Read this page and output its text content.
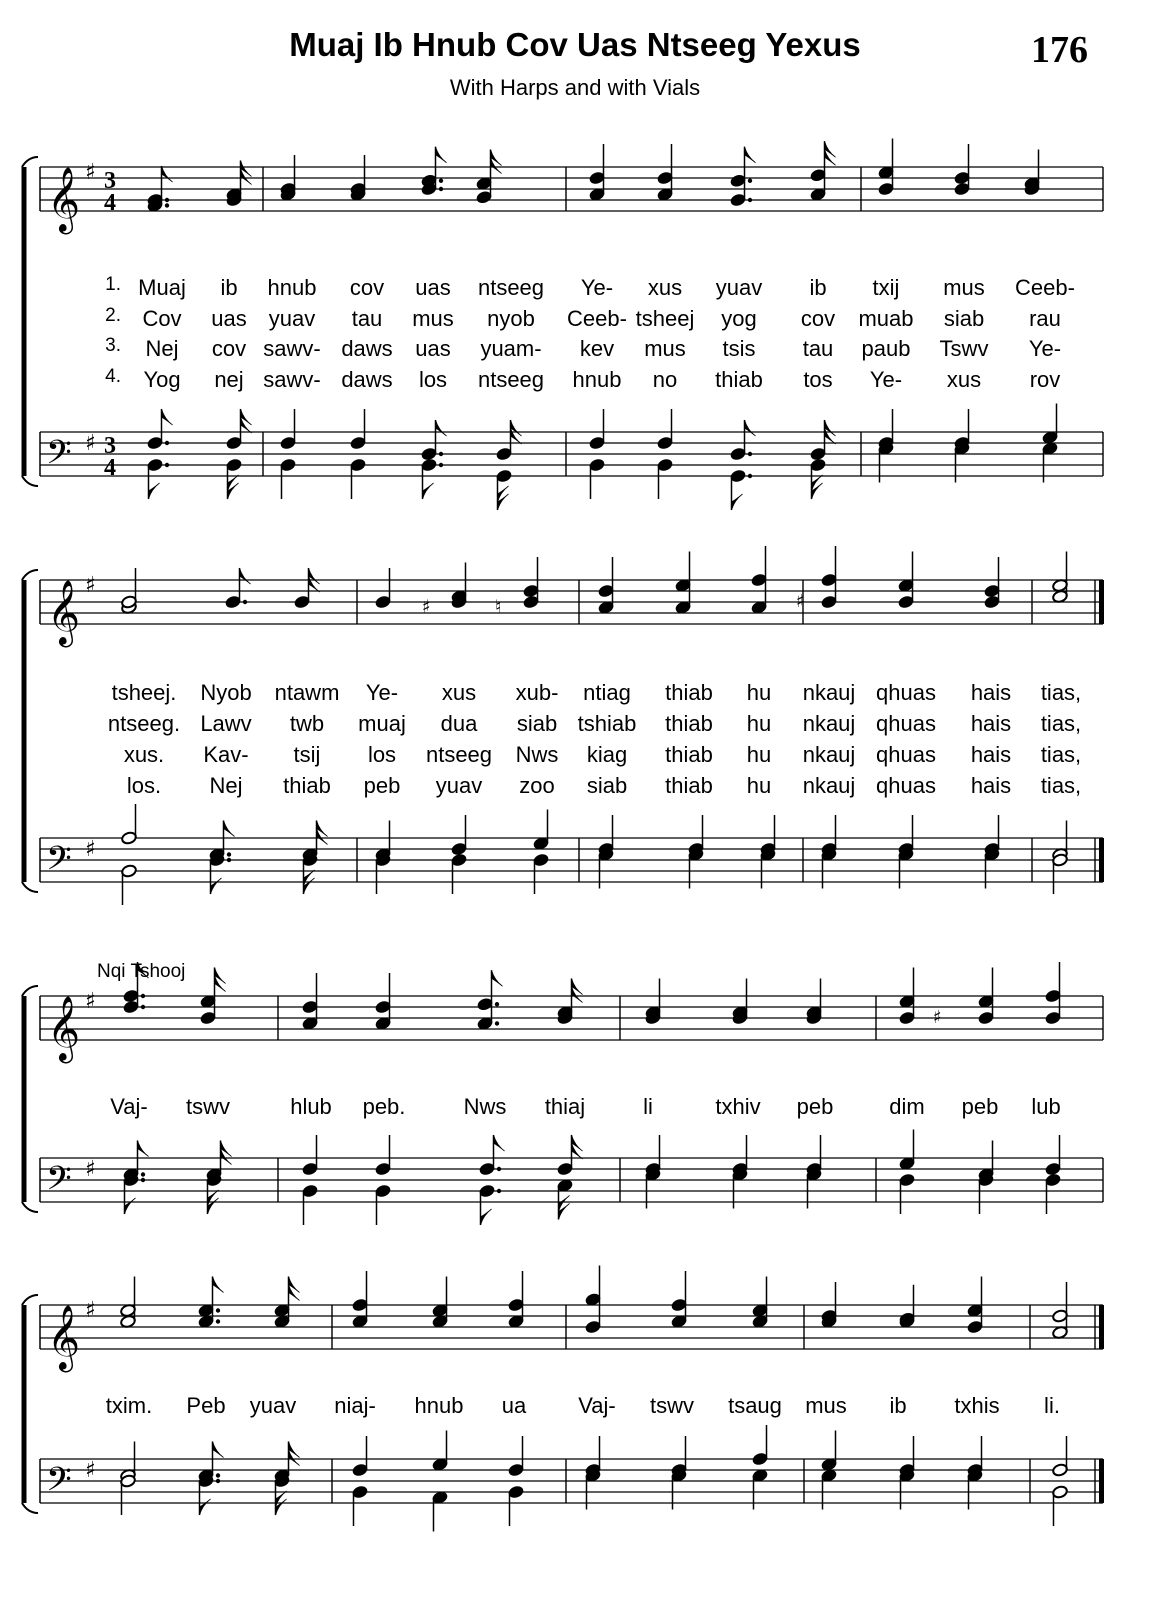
Muaj Ib Hnub Cov Uas Ntseeg Yexus
With Harps and with Vials
176
𝄞 ♯ 3
4
𝄢 ♯ 3
4
𝄞 ♯
𝄢 ♯
𝄞 ♯
𝄢 ♯
𝄞 ♯
𝄢 ♯
♯	♮	♯
♯
Nqi Tshooj
1. Muaj ib hnub cov uas ntseeg Ye- xus yuav ib txij mus Ceeb-
2. Cov uas yuav tau mus nyob Ceeb- tsheej yog cov muab siab rau
3. Nej cov sawv- daws uas yuam- kev mus tsis tau paub Tswv Ye-
4. Yog nej sawv- daws los ntseeg hnub no thiab tos Ye- xus rov
tsheej. Nyob ntawm Ye- xus xub- ntiag thiab hu nkauj qhuas hais tias,
ntseeg. Lawv twb muaj dua siab tshiab thiab hu nkauj qhuas hais tias,
xus. Kav- tsij los ntseeg Nws kiag thiab hu nkauj qhuas hais tias,
los. Nej thiab peb yuav zoo siab thiab hu nkauj qhuas hais tias,
Vaj- tswv	hlub peb.	Nws thiaj	li	txhiv peb	dim peb lub
txim. Peb yuav niaj- hnub ua Vaj- tswv tsaug mus ib txhis li.
